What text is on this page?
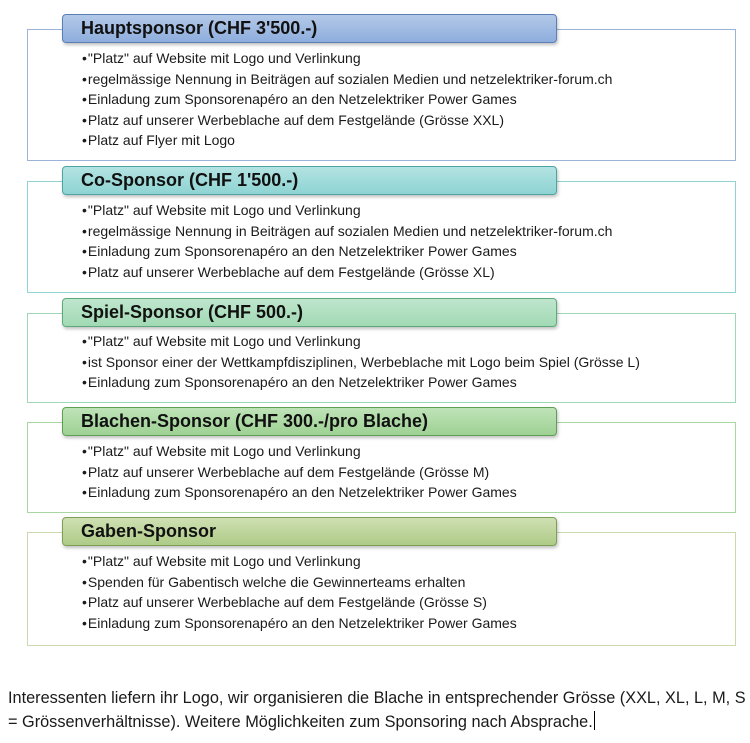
Hauptsponsor (CHF 3'500.-)
• "Platz" auf Website mit Logo und Verlinkung
• regelmässige Nennung in Beiträgen auf sozialen Medien und netzelektriker-forum.ch
• Einladung zum Sponsorenapéro an den Netzelektriker Power Games
• Platz auf unserer Werbeblache auf dem Festgelände (Grösse XXL)
• Platz auf Flyer mit Logo
Co-Sponsor (CHF 1'500.-)
• "Platz" auf Website mit Logo und Verlinkung
• regelmässige Nennung in Beiträgen auf sozialen Medien und netzelektriker-forum.ch
• Einladung zum Sponsorenapéro an den Netzelektriker Power Games
• Platz auf unserer Werbeblache auf dem Festgelände (Grösse XL)
Spiel-Sponsor (CHF 500.-)
• "Platz" auf Website mit Logo und Verlinkung
• ist Sponsor einer der Wettkampfdisziplinen, Werbeblache mit Logo beim Spiel (Grösse L)
• Einladung zum Sponsorenapéro an den Netzelektriker Power Games
Blachen-Sponsor (CHF 300.-/pro Blache)
• "Platz" auf Website mit Logo und Verlinkung
• Platz auf unserer Werbeblache auf dem Festgelände (Grösse M)
• Einladung zum Sponsorenapéro an den Netzelektriker Power Games
Gaben-Sponsor
• "Platz" auf Website mit Logo und Verlinkung
• Spenden für Gabentisch welche die Gewinnerteams erhalten
• Platz auf unserer Werbeblache auf dem Festgelände (Grösse S)
• Einladung zum Sponsorenapéro an den Netzelektriker Power Games

Interessenten liefern ihr Logo, wir organisieren die Blache in entsprechender Grösse (XXL, XL, L, M, S = Grössenverhältnisse). Weitere Möglichkeiten zum Sponsoring nach Absprache.
